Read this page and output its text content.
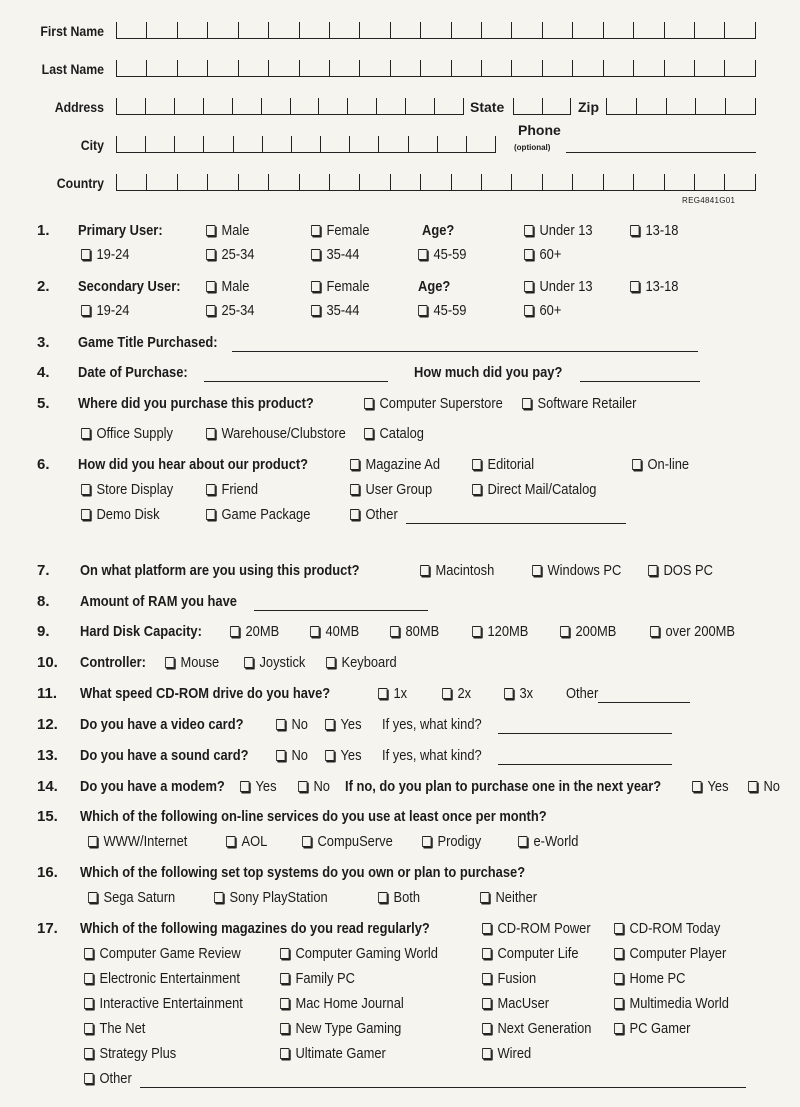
First Name
Last Name
Address	State	Zip
City
Phone
(optional)
Country
REG4841G01
1. Primary User:	Male	Female	Age?	Under 13	13-18
19-24	25-34	35-44	45-59	60+
2. Secondary User:	Male	Female	Age?	Under 13	13-18
19-24	25-34	35-44	45-59	60+
3. Game Title Purchased:
4. Date of Purchase:	How much did you pay?
5. Where did you purchase this product?	Computer Superstore	Software Retailer
Office Supply	Warehouse/Clubstore	Catalog
6. How did you hear about our product?	Magazine Ad	Editorial	On-line
Store Display	Friend	User Group	Direct Mail/Catalog
Demo Disk	Game Package	Other
7. On what platform are you using this product?	Macintosh	Windows PC	DOS PC
8. Amount of RAM you have
9. Hard Disk Capacity:	20MB	40MB	80MB	120MB	200MB	over 200MB
10. Controller:	Mouse	Joystick	Keyboard
11. What speed CD-ROM drive do you have?	1x	2x	3x Other
12. Do you have a video card?	No	Yes If yes, what kind?
13. Do you have a sound card?	No	Yes If yes, what kind?
14. Do you have a modem?	Yes	No If no, do you plan to purchase one in the next year?	Yes	No
15. Which of the following on-line services do you use at least once per month?
WWW/Internet	AOL	CompuServe	Prodigy	e-World
16. Which of the following set top systems do you own or plan to purchase?
Sega Saturn	Sony PlayStation	Both	Neither
17. Which of the following magazines do you read regularly?	CD-ROM Power	CD-ROM Today
Computer Game Review	Computer Gaming World	Computer Life	Computer Player
Electronic Entertainment	Family PC	Fusion	Home PC
Interactive Entertainment	Mac Home Journal	MacUser	Multimedia World
The Net	New Type Gaming	Next Generation	PC Gamer
Strategy Plus	Ultimate Gamer	Wired
Other
